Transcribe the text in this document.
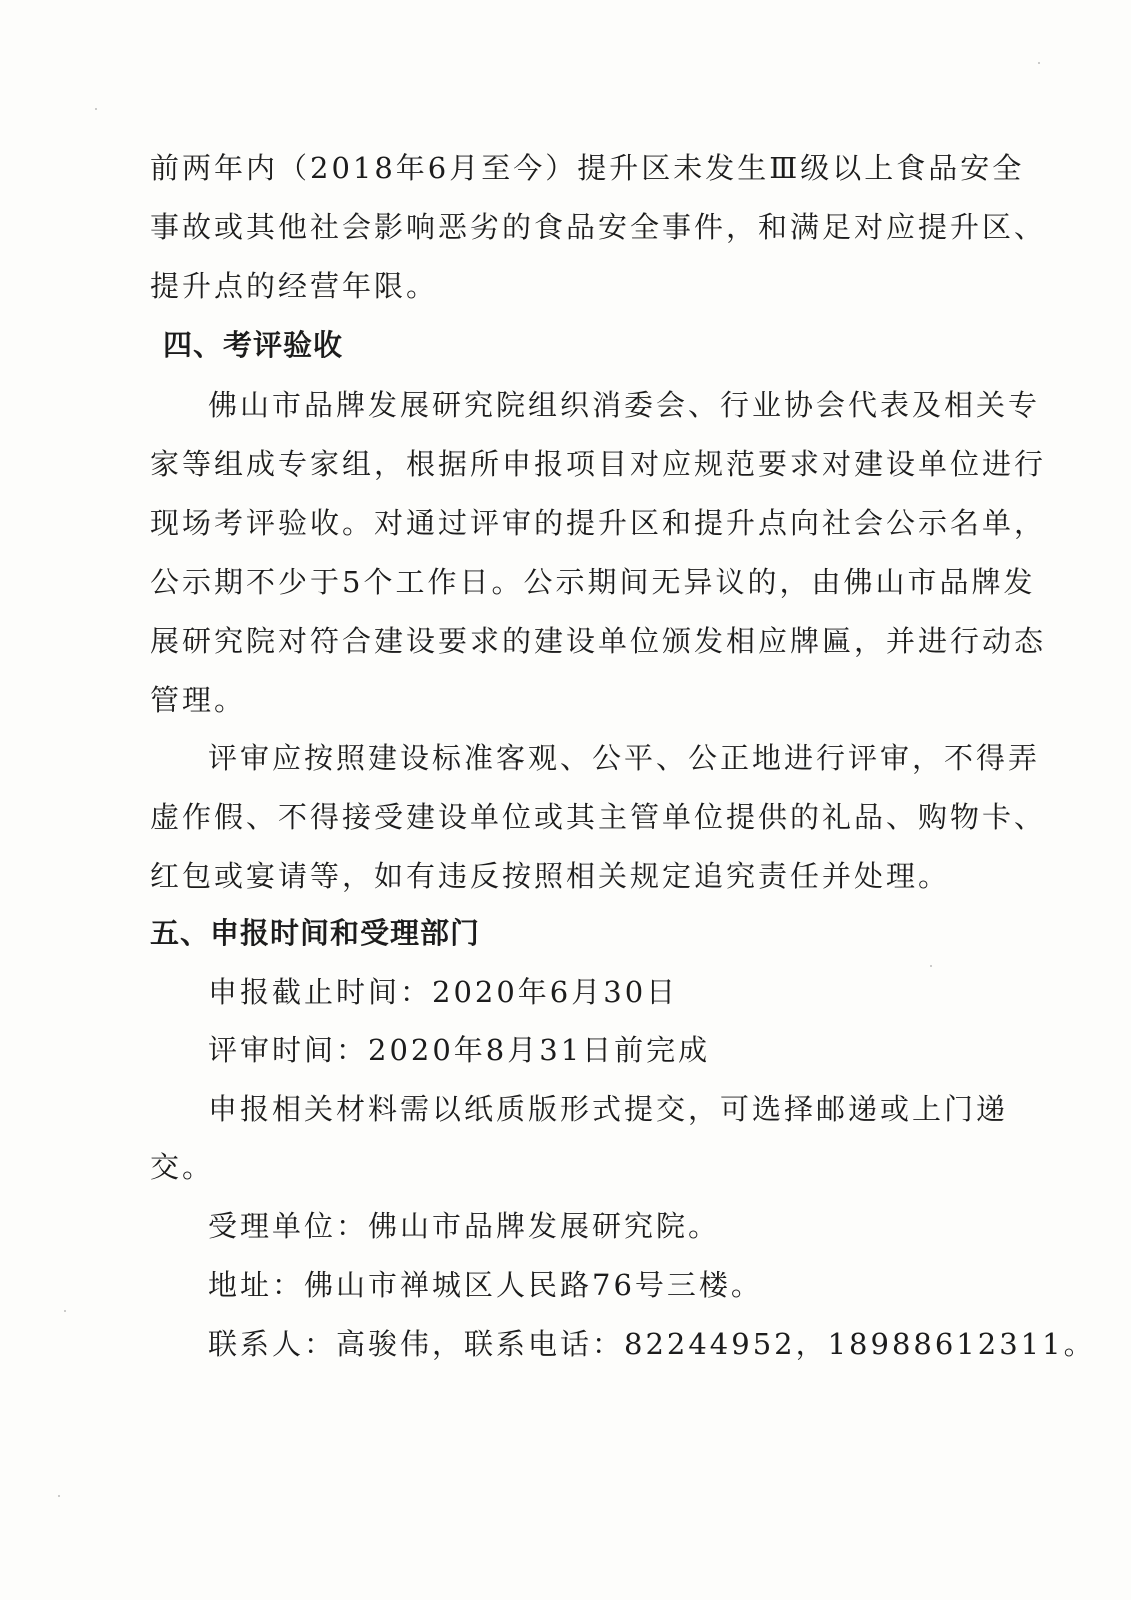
前两年内（2018年6月至今）提升区未发生Ⅲ级以上食品安全
事故或其他社会影响恶劣的食品安全事件，和满足对应提升区、
提升点的经营年限。
四、考评验收
佛山市品牌发展研究院组织消委会、行业协会代表及相关专
家等组成专家组，根据所申报项目对应规范要求对建设单位进行
现场考评验收。对通过评审的提升区和提升点向社会公示名单，
公示期不少于5个工作日。公示期间无异议的，由佛山市品牌发
展研究院对符合建设要求的建设单位颁发相应牌匾，并进行动态
管理。
评审应按照建设标准客观、公平、公正地进行评审，不得弄
虚作假、不得接受建设单位或其主管单位提供的礼品、购物卡、
红包或宴请等，如有违反按照相关规定追究责任并处理。
五、申报时间和受理部门
申报截止时间：2020年6月30日
评审时间：2020年8月31日前完成
申报相关材料需以纸质版形式提交，可选择邮递或上门递
交。
受理单位：佛山市品牌发展研究院。
地址：佛山市禅城区人民路76号三楼。
联系人：高骏伟，联系电话：82244952，18988612311。
